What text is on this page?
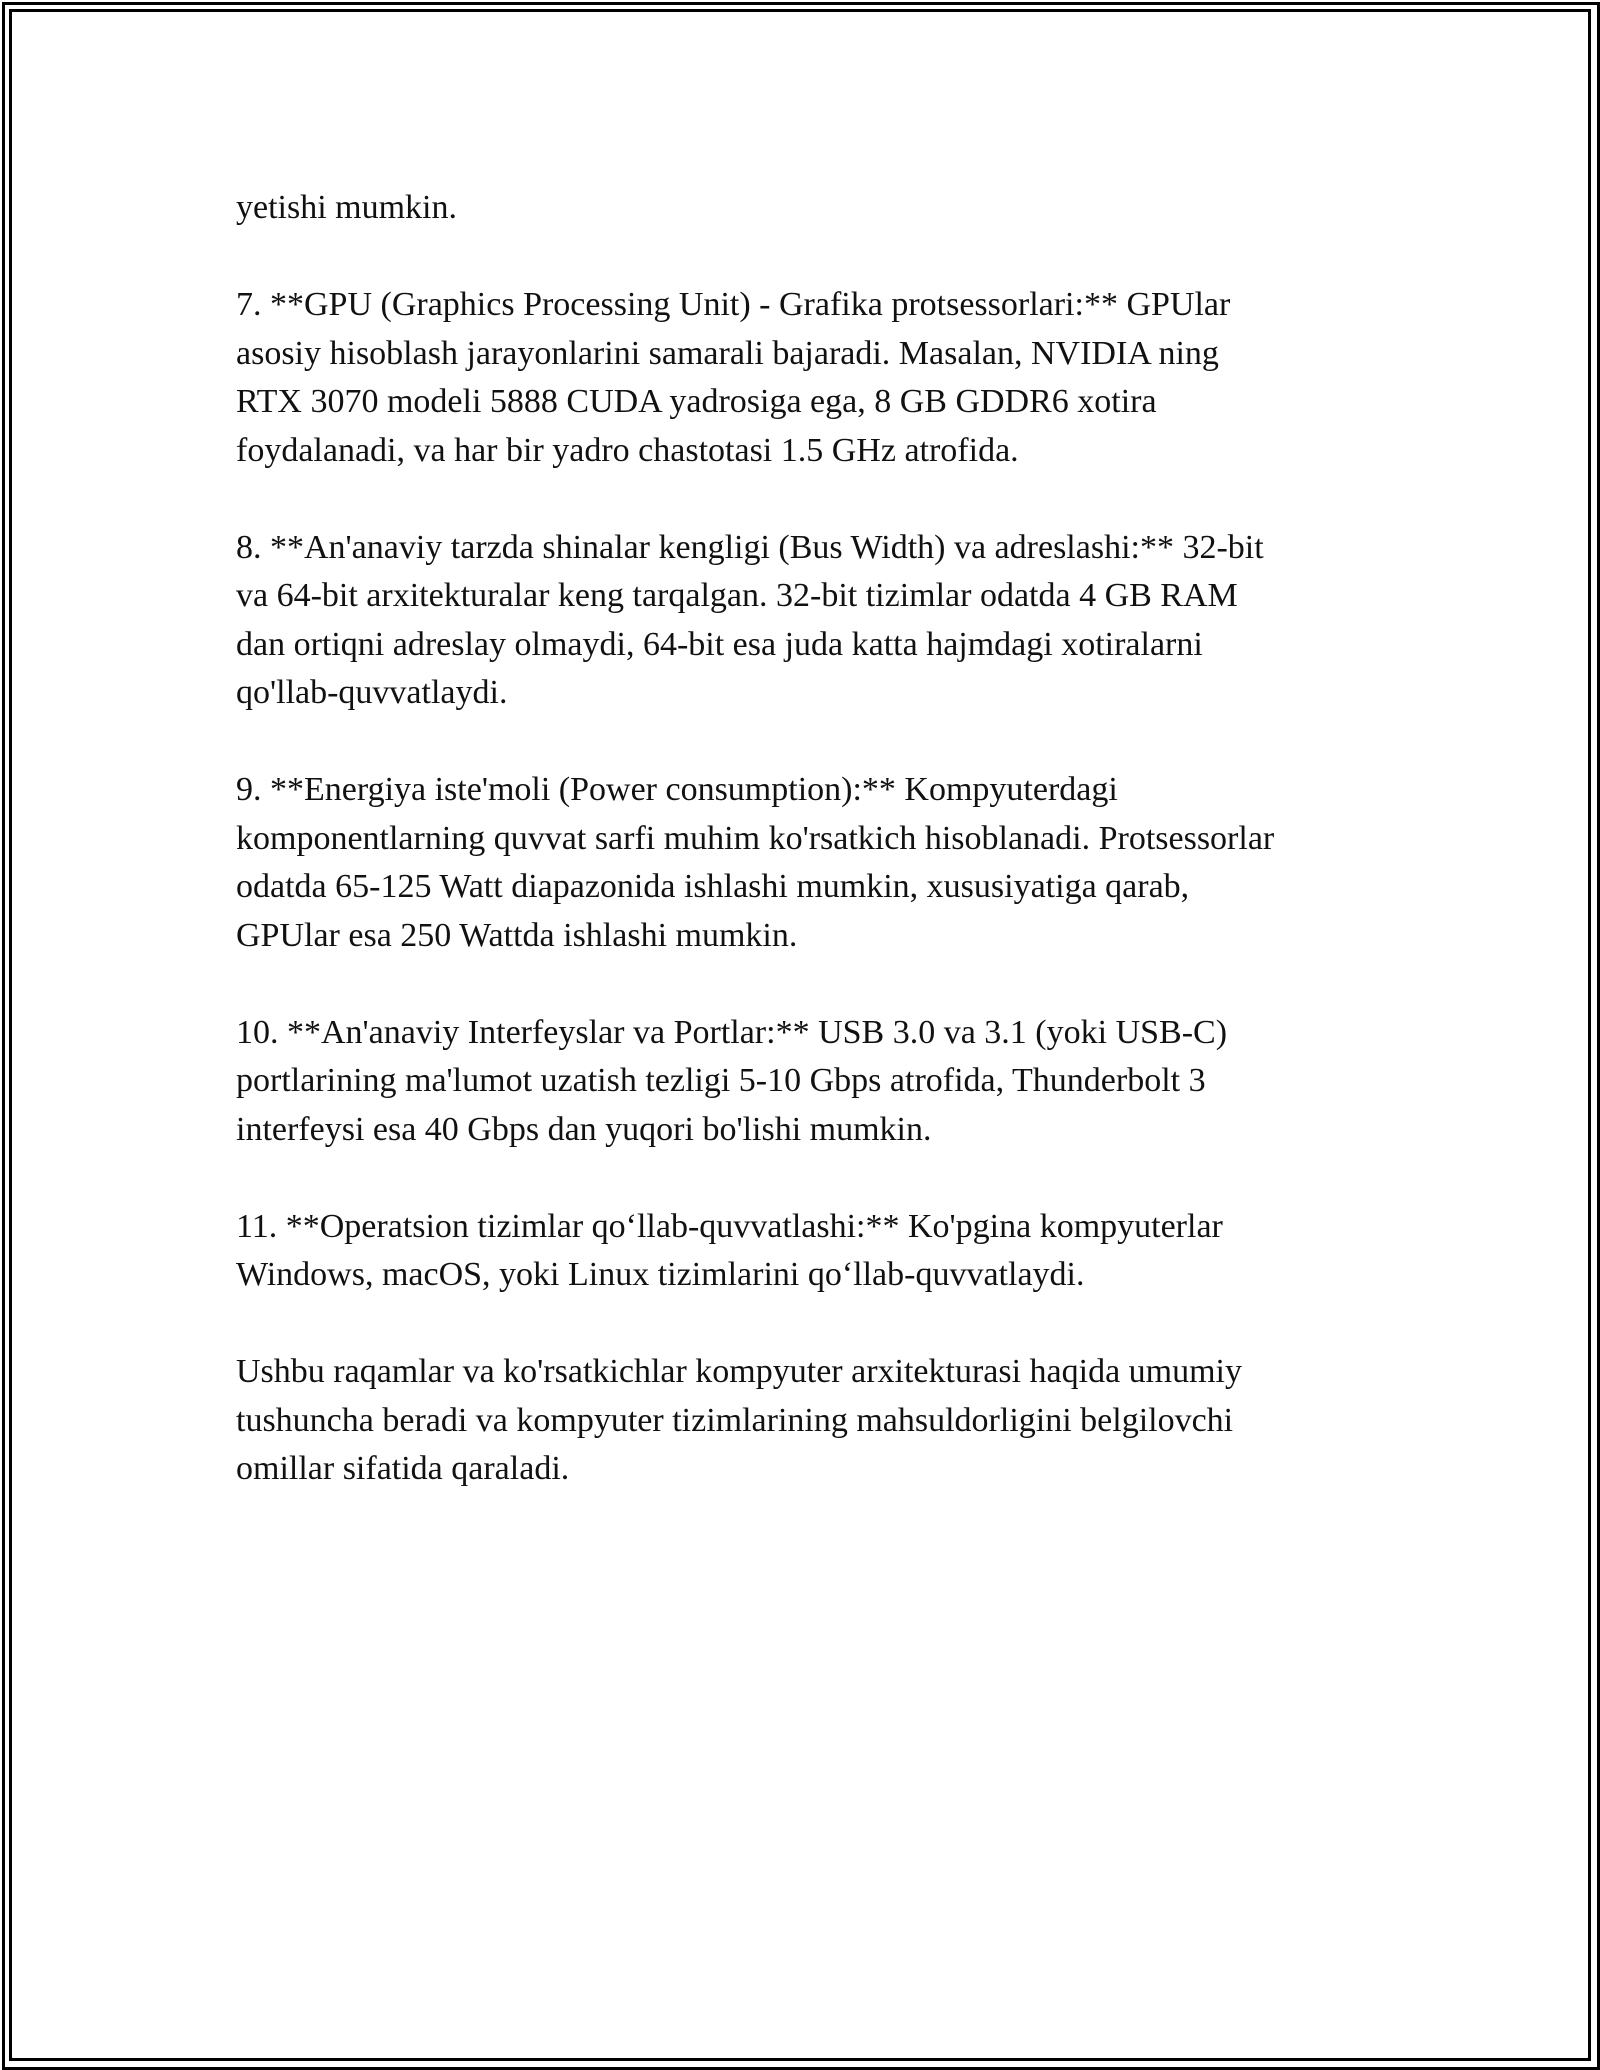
yetishi mumkin.

7. **GPU (Graphics Processing Unit) - Grafika protsessorlari:** GPUlar
asosiy hisoblash jarayonlarini samarali bajaradi. Masalan, NVIDIA ning
RTX 3070 modeli 5888 CUDA yadrosiga ega, 8 GB GDDR6 xotira
foydalanadi, va har bir yadro chastotasi 1.5 GHz atrofida.

8. **An'anaviy tarzda shinalar kengligi (Bus Width) va adreslashi:** 32-bit
va 64-bit arxitekturalar keng tarqalgan. 32-bit tizimlar odatda 4 GB RAM
dan ortiqni adreslay olmaydi, 64-bit esa juda katta hajmdagi xotiralarni
qo'llab-quvvatlaydi.

9. **Energiya iste'moli (Power consumption):** Kompyuterdagi
komponentlarning quvvat sarfi muhim ko'rsatkich hisoblanadi. Protsessorlar
odatda 65-125 Watt diapazonida ishlashi mumkin, xususiyatiga qarab,
GPUlar esa 250 Wattda ishlashi mumkin.

10. **An'anaviy Interfeyslar va Portlar:** USB 3.0 va 3.1 (yoki USB-C)
portlarining ma'lumot uzatish tezligi 5-10 Gbps atrofida, Thunderbolt 3
interfeysi esa 40 Gbps dan yuqori bo'lishi mumkin.

11. **Operatsion tizimlar qo‘llab-quvvatlashi:** Ko'pgina kompyuterlar
Windows, macOS, yoki Linux tizimlarini qo‘llab-quvvatlaydi.

Ushbu raqamlar va ko'rsatkichlar kompyuter arxitekturasi haqida umumiy
tushuncha beradi va kompyuter tizimlarining mahsuldorligini belgilovchi
omillar sifatida qaraladi.
